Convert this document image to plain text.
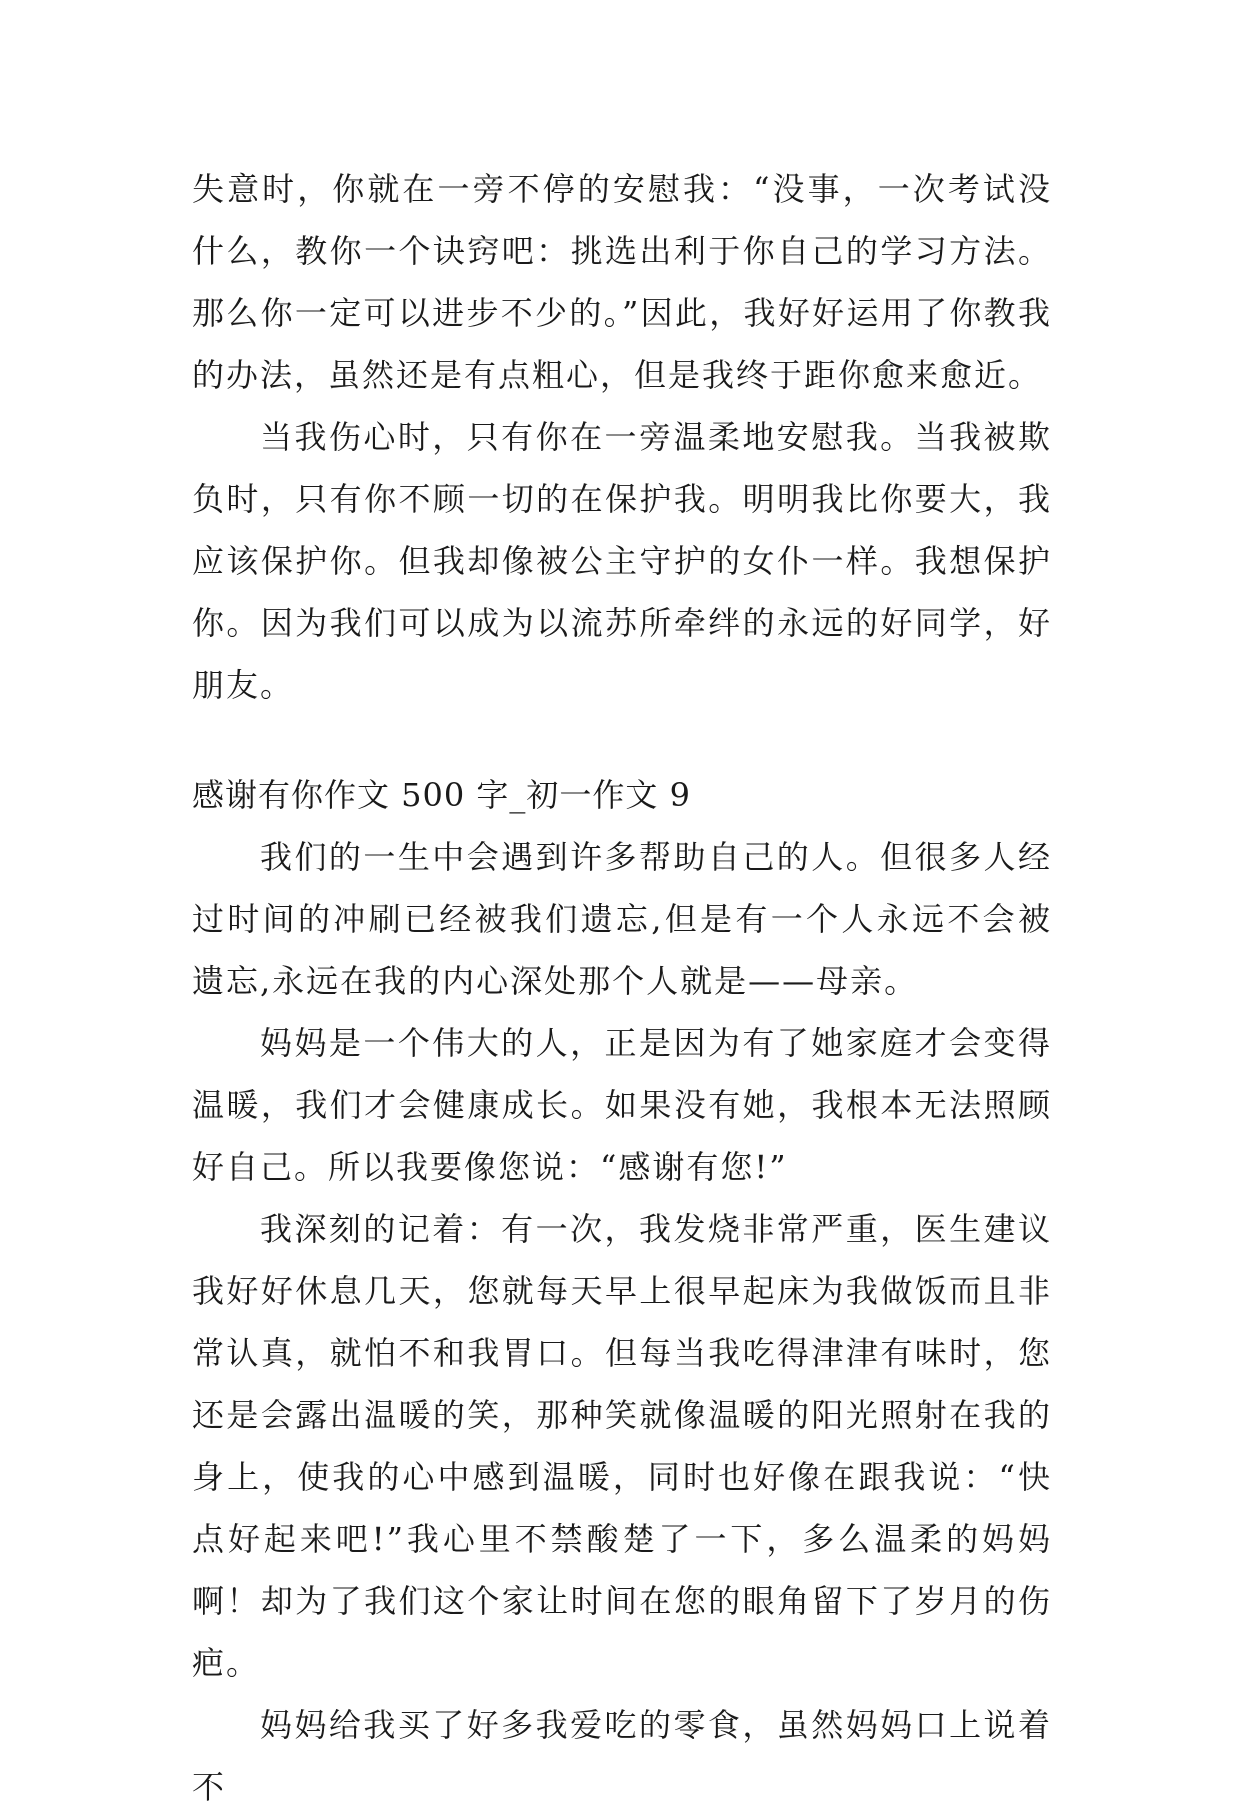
失意时，你就在一旁不停的安慰我：“没事，一次考试没什么，教你一个诀窍吧：挑选出利于你自己的学习方法。那么你一定可以进步不少的。”因此，我好好运用了你教我的办法，虽然还是有点粗心，但是我终于距你愈来愈近。

当我伤心时，只有你在一旁温柔地安慰我。当我被欺负时，只有你不顾一切的在保护我。明明我比你要大，我应该保护你。但我却像被公主守护的女仆一样。我想保护你。因为我们可以成为以流苏所牵绊的永远的好同学，好朋友。

感谢有你作文 500 字_初一作文 9

我们的一生中会遇到许多帮助自己的人。但很多人经过时间的冲刷已经被我们遗忘,但是有一个人永远不会被遗忘,永远在我的内心深处那个人就是——母亲。

妈妈是一个伟大的人，正是因为有了她家庭才会变得温暖，我们才会健康成长。如果没有她，我根本无法照顾好自己。所以我要像您说：“感谢有您!”

我深刻的记着：有一次，我发烧非常严重，医生建议我好好休息几天，您就每天早上很早起床为我做饭而且非常认真，就怕不和我胃口。但每当我吃得津津有味时，您还是会露出温暖的笑，那种笑就像温暖的阳光照射在我的身上，使我的心中感到温暖，同时也好像在跟我说：“快点好起来吧!”我心里不禁酸楚了一下，多么温柔的妈妈啊！却为了我们这个家让时间在您的眼角留下了岁月的伤疤。

妈妈给我买了好多我爱吃的零食，虽然妈妈口上说着不
